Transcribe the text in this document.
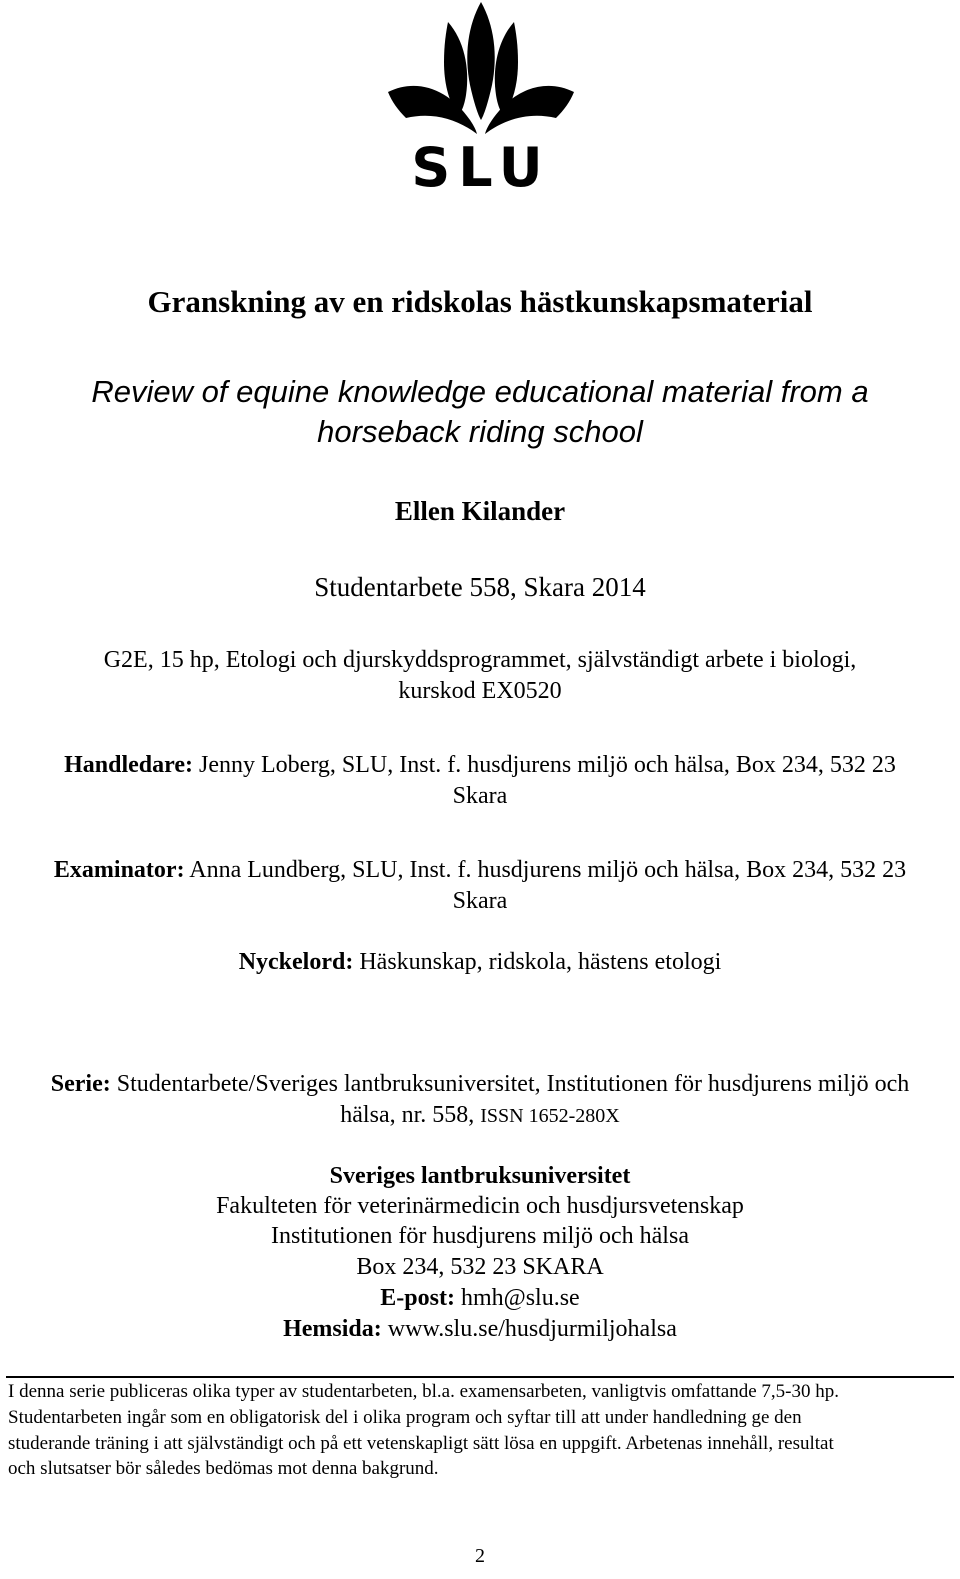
SLU
Granskning av en ridskolas hästkunskapsmaterial
Review of equine knowledge educational material from a
horseback riding school
Ellen Kilander
Studentarbete 558, Skara 2014
G2E, 15 hp, Etologi och djurskyddsprogrammet, självständigt arbete i biologi,
kurskod EX0520
Handledare: Jenny Loberg, SLU, Inst. f. husdjurens miljö och hälsa, Box 234, 532 23
Skara
Examinator: Anna Lundberg, SLU, Inst. f. husdjurens miljö och hälsa, Box 234, 532 23
Skara
Nyckelord: Häskunskap, ridskola, hästens etologi
Serie: Studentarbete/Sveriges lantbruksuniversitet, Institutionen för husdjurens miljö och
hälsa, nr. 558, ISSN 1652-280X
Sveriges lantbruksuniversitet
Fakulteten för veterinärmedicin och husdjursvetenskap
Institutionen för husdjurens miljö och hälsa
Box 234, 532 23 SKARA
E-post: hmh@slu.se
Hemsida: www.slu.se/husdjurmiljohalsa
I denna serie publiceras olika typer av studentarbeten, bl.a. examensarbeten, vanligtvis omfattande 7,5-30 hp.
Studentarbeten ingår som en obligatorisk del i olika program och syftar till att under handledning ge den
studerande träning i att självständigt och på ett vetenskapligt sätt lösa en uppgift. Arbetenas innehåll, resultat
och slutsatser bör således bedömas mot denna bakgrund.
2
